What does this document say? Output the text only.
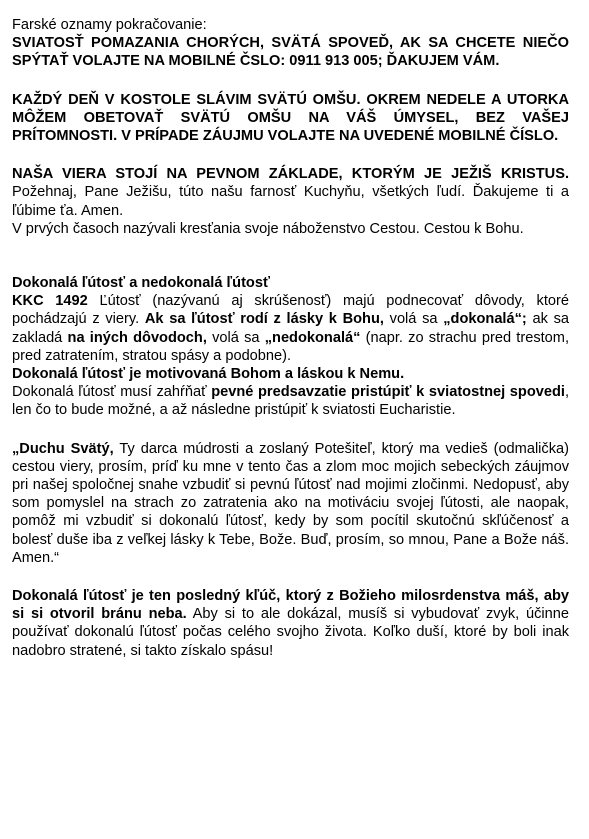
Farské oznamy pokračovanie:

SVIATOSŤ POMAZANIA CHORÝCH, SVÄTÁ SPOVEĎ, AK SA CHCETE NIEČO SPÝTAŤ VOLAJTE NA MOBILNÉ ČSLO: 0911 913 005; ĎAKUJEM VÁM.

KAŽDÝ DEŇ V KOSTOLE SLÁVIM SVÄTÚ OMŠU. OKREM NEDELE A UTORKA MÔŽEM OBETOVAŤ SVÄTÚ OMŠU NA VÁŠ ÚMYSEL, BEZ VAŠEJ PRÍTOMNOSTI. V PRÍPADE ZÁUJMU VOLAJTE NA UVEDENÉ MOBILNÉ ČÍSLO.

NAŠA VIERA STOJÍ NA PEVNOM ZÁKLADE, KTORÝM JE JEŽIŠ KRISTUS. Požehnaj, Pane Ježišu, túto našu farnosť Kuchyňu, všetkých ľudí. Ďakujeme ti a ľúbime ťa. Amen.

V prvých časoch nazývali kresťania svoje náboženstvo Cestou. Cestou k Bohu.

Dokonalá ľútosť a nedokonalá ľútosť

KKC 1492 Ľútosť (nazývanú aj skrúšenosť) majú podnecovať dôvody, ktoré pochádzajú z viery. Ak sa ľútosť rodí z lásky k Bohu, volá sa „dokonalá“; ak sa zakladá na iných dôvodoch, volá sa „nedokonalá“ (napr. zo strachu pred trestom, pred zatratením, stratou spásy a podobne).

Dokonalá ľútosť je motivovaná Bohom a láskou k Nemu.

Dokonalá ľútosť musí zahŕňať pevné predsavzatie pristúpiť k sviatostnej spovedi, len čo to bude možné, a až následne pristúpiť k sviatosti Eucharistie.

„Duchu Svätý, Ty darca múdrosti a zoslaný Potešiteľ, ktorý ma vedieš (odmalička) cestou viery, prosím, príď ku mne v tento čas a zlom moc mojich sebeckých záujmov pri našej spoločnej snahe vzbudiť si pevnú ľútosť nad mojimi zločinmi. Nedopusť, aby som pomyslel na strach zo zatratenia ako na motiváciu svojej ľútosti, ale naopak, pomôž mi vzbudiť si dokonalú ľútosť, kedy by som pocítil skutočnú skľúčenosť a bolesť duše iba z veľkej lásky k Tebe, Bože. Buď, prosím, so mnou, Pane a Bože náš. Amen.“

Dokonalá ľútosť je ten posledný kľúč, ktorý z Božieho milosrdenstva máš, aby si si otvoril bránu neba. Aby si to ale dokázal, musíš si vybudovať zvyk, účinne používať dokonalú ľútosť počas celého svojho života. Koľko duší, ktoré by boli inak nadobro stratené, si takto získalo spásu!
